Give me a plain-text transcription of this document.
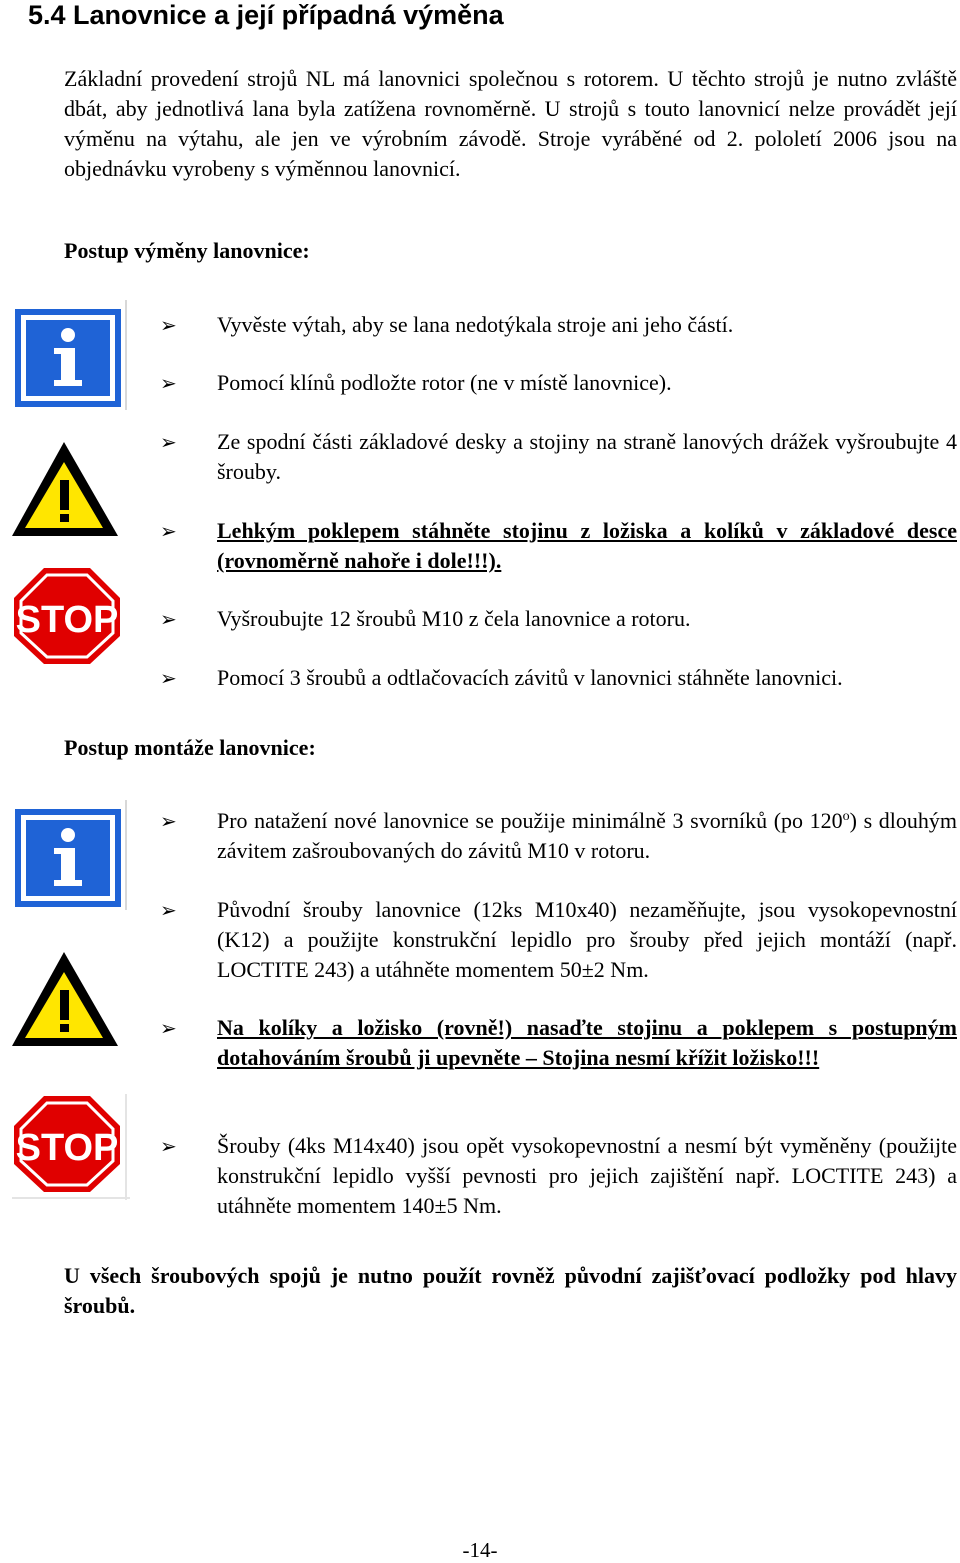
5.4 Lanovnice a její případná výměna
Základní provedení strojů NL má lanovnici společnou s rotorem. U těchto strojů je nutno zvláště dbát, aby jednotlivá lana byla zatížena rovnoměrně. U strojů s touto lanovnicí nelze provádět její výměnu na výtahu, ale jen ve výrobním závodě. Stroje vyráběné od 2. pololetí 2006 jsou na objednávku vyrobeny s výměnnou lanovnicí.
Postup výměny lanovnice:
STOP
➢ Vyvěste výtah, aby se lana nedotýkala stroje ani jeho částí.
➢ Pomocí klínů podložte rotor (ne v místě lanovnice).
➢ Ze spodní části základové desky a stojiny na straně lanových drážek vyšroubujte 4 šrouby.
➢ Lehkým poklepem stáhněte stojinu z ložiska a kolíků v základové desce (rovnoměrně nahoře i dole!!!).
➢ Vyšroubujte 12 šroubů M10 z čela lanovnice a rotoru.
➢ Pomocí 3 šroubů a odtlačovacích závitů v lanovnici stáhněte lanovnici.
Postup montáže lanovnice:
STOP
➢ Pro natažení nové lanovnice se použije minimálně 3 svorníků (po 120$^o$) s dlouhým závitem zašroubovaných do závitů M10 v rotoru.
➢ Původní šrouby lanovnice (12ks M10x40) nezaměňujte, jsou vysokopevnostní (K12) a použijte konstrukční lepidlo pro šrouby před jejich montáží (např. LOCTITE 243) a utáhněte momentem 50±2 Nm.
➢ Na kolíky a ložisko (rovně!) nasaďte stojinu a poklepem s postupným dotahováním šroubů ji upevněte – Stojina nesmí křížit ložisko!!!
➢ Šrouby (4ks M14x40) jsou opět vysokopevnostní a nesmí být vyměněny (použijte konstrukční lepidlo vyšší pevnosti pro jejich zajištění např. LOCTITE 243) a utáhněte momentem 140±5 Nm.
U všech šroubových spojů je nutno použít rovněž původní zajišťovací podložky pod hlavy šroubů.
-14-
